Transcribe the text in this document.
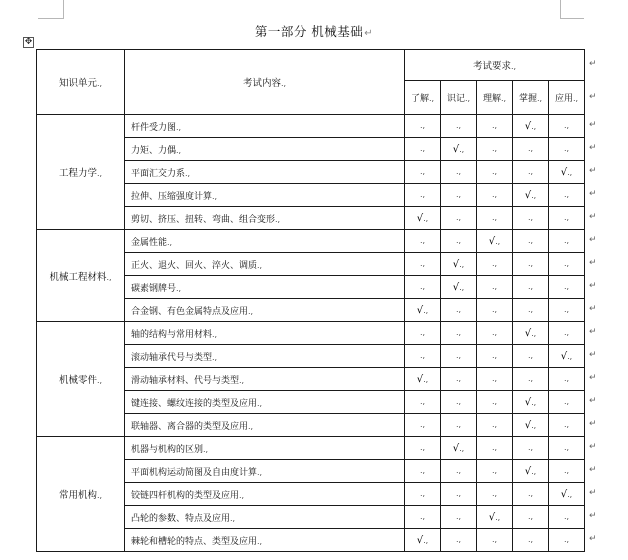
第一部分 机械基础↵
✥
知识单元.,	考试内容.,	考试要求.,				
		了解.,	识记.,	理解.,	掌握.,	应用.,
工程力学.,	杆件受力图.,	.,	.,	.,	√.,	.,
	力矩、力偶.,	.,	√.,	.,	.,	.,
	平面汇交力系.,	.,	.,	.,	.,	√.,
	拉伸、压缩强度计算.,	.,	.,	.,	√.,	.,
	剪切、挤压、扭转、弯曲、组合变形.,	√.,	.,	.,	.,	.,
机械工程材料.,	金属性能.,	.,	.,	√.,	.,	.,
	正火、退火、回火、淬火、调质.,	.,	√.,	.,	.,	.,
	碳素钢牌号.,	.,	√.,	.,	.,	.,
	合金钢、有色金属特点及应用.,	√.,	.,	.,	.,	.,
机械零件.,	轴的结构与常用材料.,	.,	.,	.,	√.,	.,
	滚动轴承代号与类型.,	.,	.,	.,	.,	√.,
	滑动轴承材料、代号与类型.,	√.,	.,	.,	.,	.,
	键连接、螺纹连接的类型及应用.,	.,	.,	.,	√.,	.,
	联轴器、离合器的类型及应用.,	.,	.,	.,	√.,	.,
常用机构.,	机器与机构的区别.,	.,	√.,	.,	.,	.,
	平面机构运动简图及自由度计算.,	.,	.,	.,	√.,	.,
	铰链四杆机构的类型及应用.,	.,	.,	.,	.,	√.,
	凸轮的参数、特点及应用.,	.,	.,	√.,	.,	.,
	棘轮和槽轮的特点、类型及应用.,	√.,	.,	.,	.,	.,
↵
↵
↵
↵
↵
↵
↵
↵
↵
↵
↵
↵
↵
↵
↵
↵
↵
↵
↵
↵
↵
